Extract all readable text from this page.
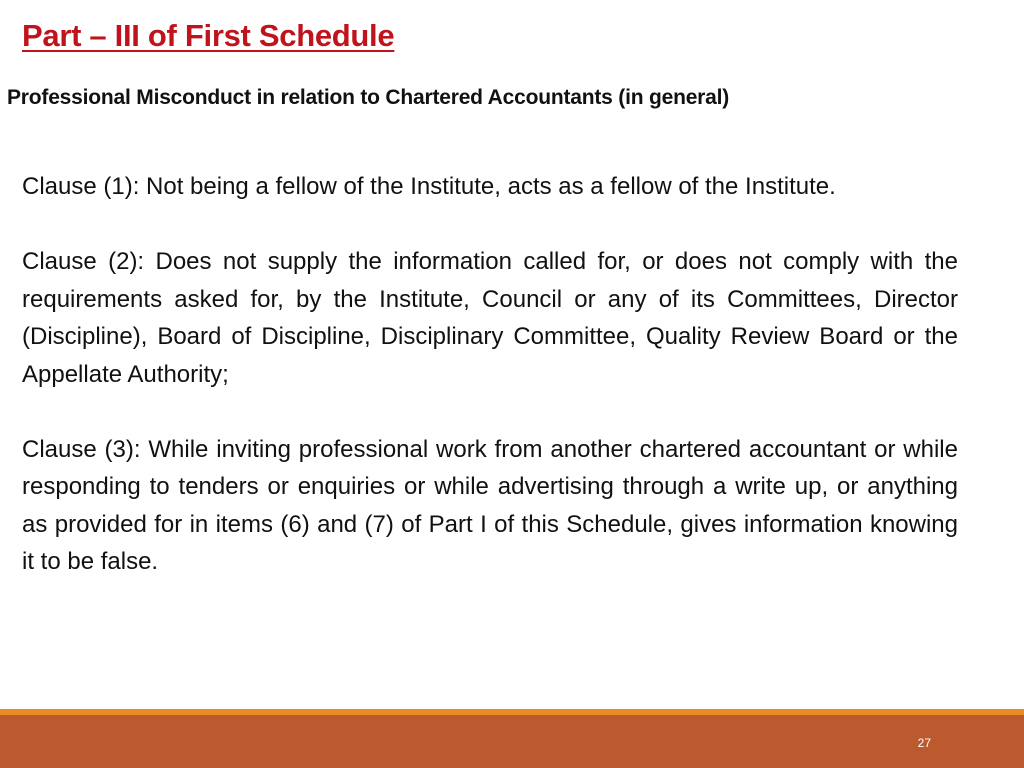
Part – III of First Schedule
Professional Misconduct in relation to Chartered Accountants (in general)

Clause (1): Not being a fellow of the Institute, acts as a fellow of the Institute.

Clause (2): Does not supply the information called for, or does not comply with the requirements asked for, by the Institute, Council or any of its Committees, Director (Discipline), Board of Discipline, Disciplinary Committee, Quality Review Board or the Appellate Authority;

Clause (3): While inviting professional work from another chartered accountant or while responding to tenders or enquiries or while advertising through a write up, or anything as provided for in items (6) and (7) of Part I of this Schedule, gives information knowing it to be false.

27
